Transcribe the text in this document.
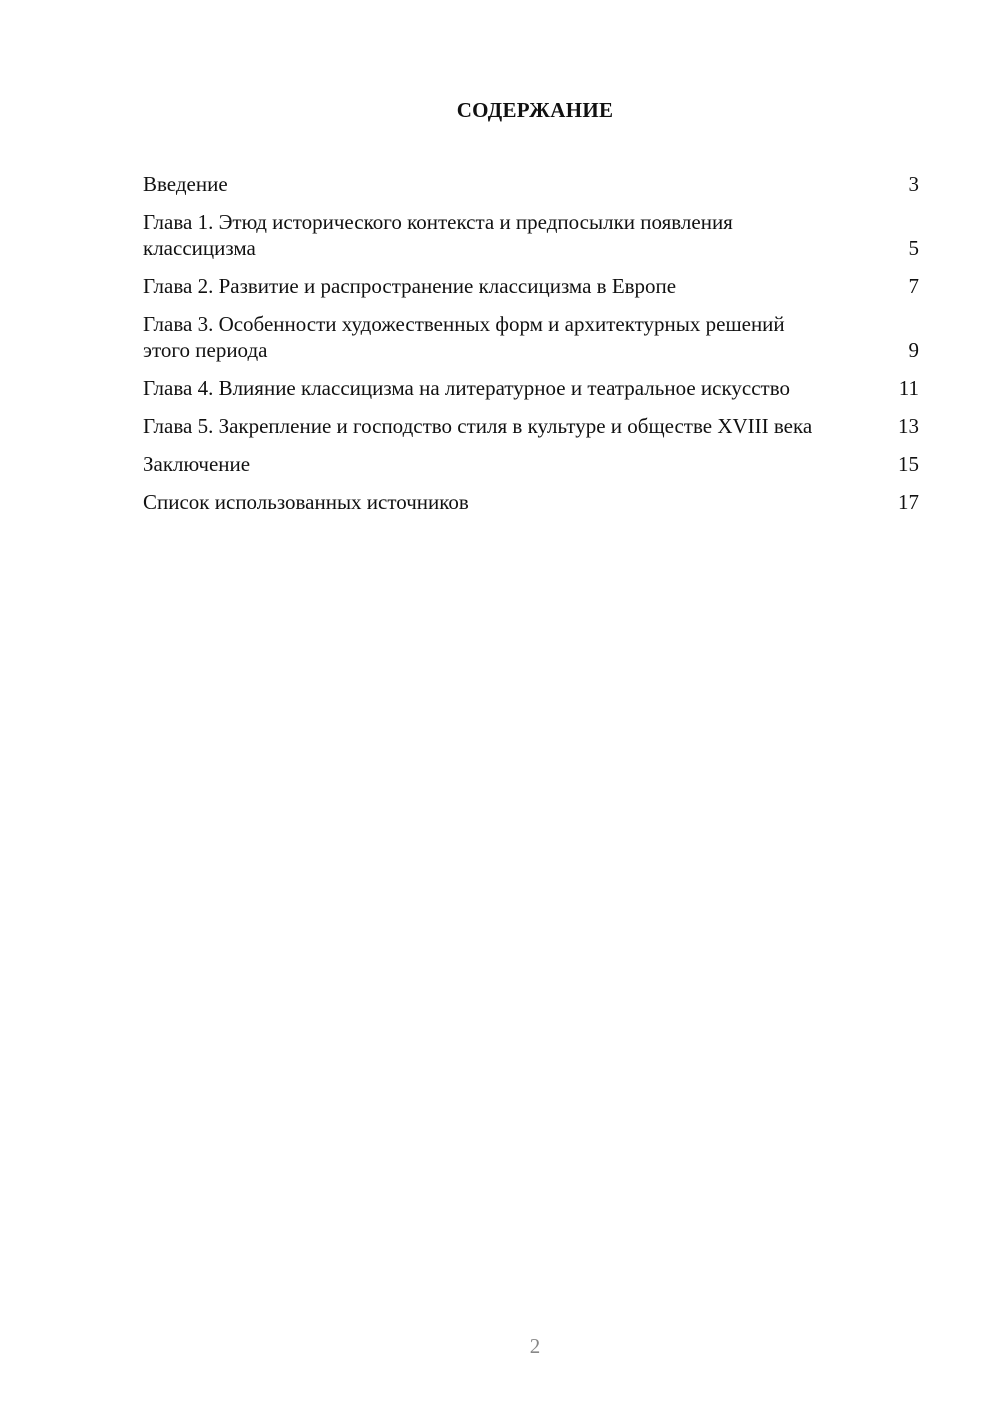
СОДЕРЖАНИЕ
Введение	3
Глава 1. Этюд исторического контекста и предпосылки появления классицизма	5
Глава 2. Развитие и распространение классицизма в Европе	7
Глава 3. Особенности художественных форм и архитектурных решений этого периода	9
Глава 4. Влияние классицизма на литературное и театральное искусство	11
Глава 5. Закрепление и господство стиля в культуре и обществе XVIII века	13
Заключение	15
Список использованных источников	17
2
